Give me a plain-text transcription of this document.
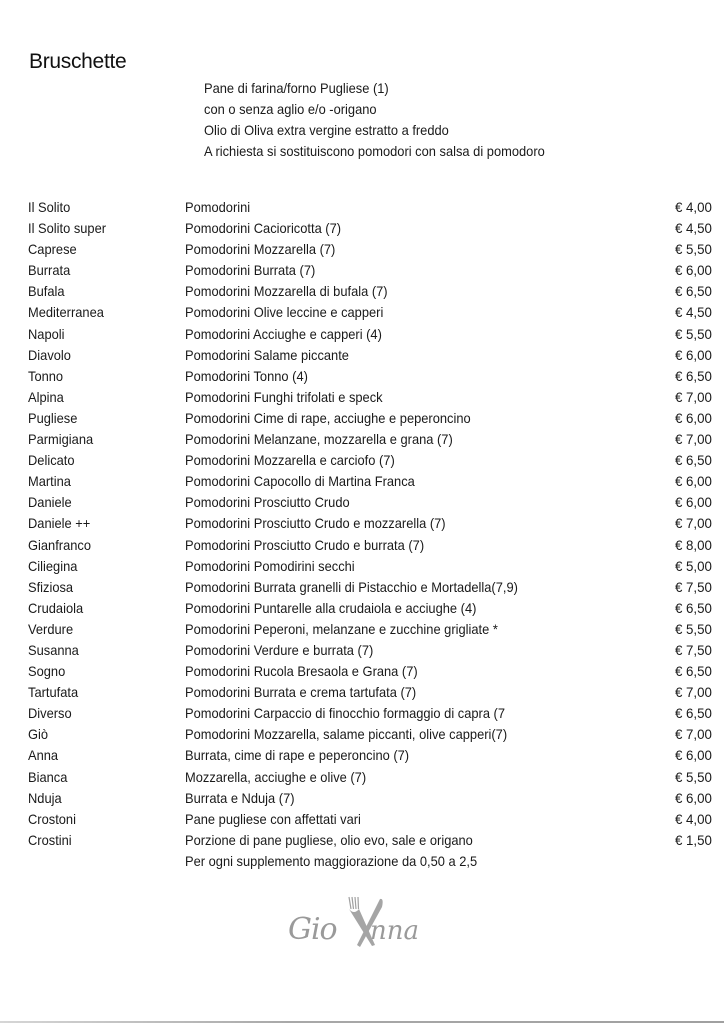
Bruschette
Pane di farina/forno Pugliese (1)
con o senza aglio e/o -origano
Olio di Oliva extra vergine estratto a freddo
A richiesta si sostituiscono pomodori con salsa di pomodoro
Il Solito	Pomodorini	€ 4,00
Il Solito super	Pomodorini Cacioricotta (7)	€ 4,50
Caprese	Pomodorini Mozzarella (7)	€ 5,50
Burrata	Pomodorini Burrata (7)	€ 6,00
Bufala	Pomodorini Mozzarella di bufala (7)	€ 6,50
Mediterranea	Pomodorini Olive leccine e capperi	€ 4,50
Napoli	Pomodorini Acciughe e capperi (4)	€ 5,50
Diavolo	Pomodorini Salame piccante	€ 6,00
Tonno	Pomodorini Tonno (4)	€ 6,50
Alpina	Pomodorini Funghi trifolati e speck	€ 7,00
Pugliese	Pomodorini Cime di rape, acciughe e peperoncino	€ 6,00
Parmigiana	Pomodorini Melanzane, mozzarella e grana (7)	€ 7,00
Delicato	Pomodorini Mozzarella e carciofo (7)	€ 6,50
Martina	Pomodorini Capocollo di Martina Franca	€ 6,00
Daniele	Pomodorini Prosciutto Crudo	€ 6,00
Daniele ++	Pomodorini Prosciutto Crudo e mozzarella (7)	€ 7,00
Gianfranco	Pomodorini Prosciutto Crudo e burrata (7)	€ 8,00
Ciliegina	Pomodorini Pomodirini secchi	€ 5,00
Sfiziosa	Pomodorini Burrata granelli di Pistacchio e Mortadella(7,9)	€ 7,50
Crudaiola	Pomodorini Puntarelle alla crudaiola e acciughe (4)	€ 6,50
Verdure	Pomodorini Peperoni, melanzane e zucchine grigliate *	€ 5,50
Susanna	Pomodorini Verdure e burrata (7)	€ 7,50
Sogno	Pomodorini Rucola Bresaola e Grana (7)	€ 6,50
Tartufata	Pomodorini Burrata e crema tartufata (7)	€ 7,00
Diverso	Pomodorini Carpaccio di finocchio formaggio di capra (7	€ 6,50
Giò	Pomodorini Mozzarella, salame piccanti, olive capperi(7)	€ 7,00
Anna	Burrata, cime di rape e peperoncino (7)	€ 6,00
Bianca	Mozzarella, acciughe e olive (7)	€ 5,50
Nduja	Burrata e Nduja (7)	€ 6,00
Crostoni	Pane pugliese con affettati vari	€ 4,00
Crostini	Porzione di pane pugliese, olio evo, sale e origano	€ 1,50
Per ogni supplemento maggiorazione da 0,50 a 2,5
Gio nna
